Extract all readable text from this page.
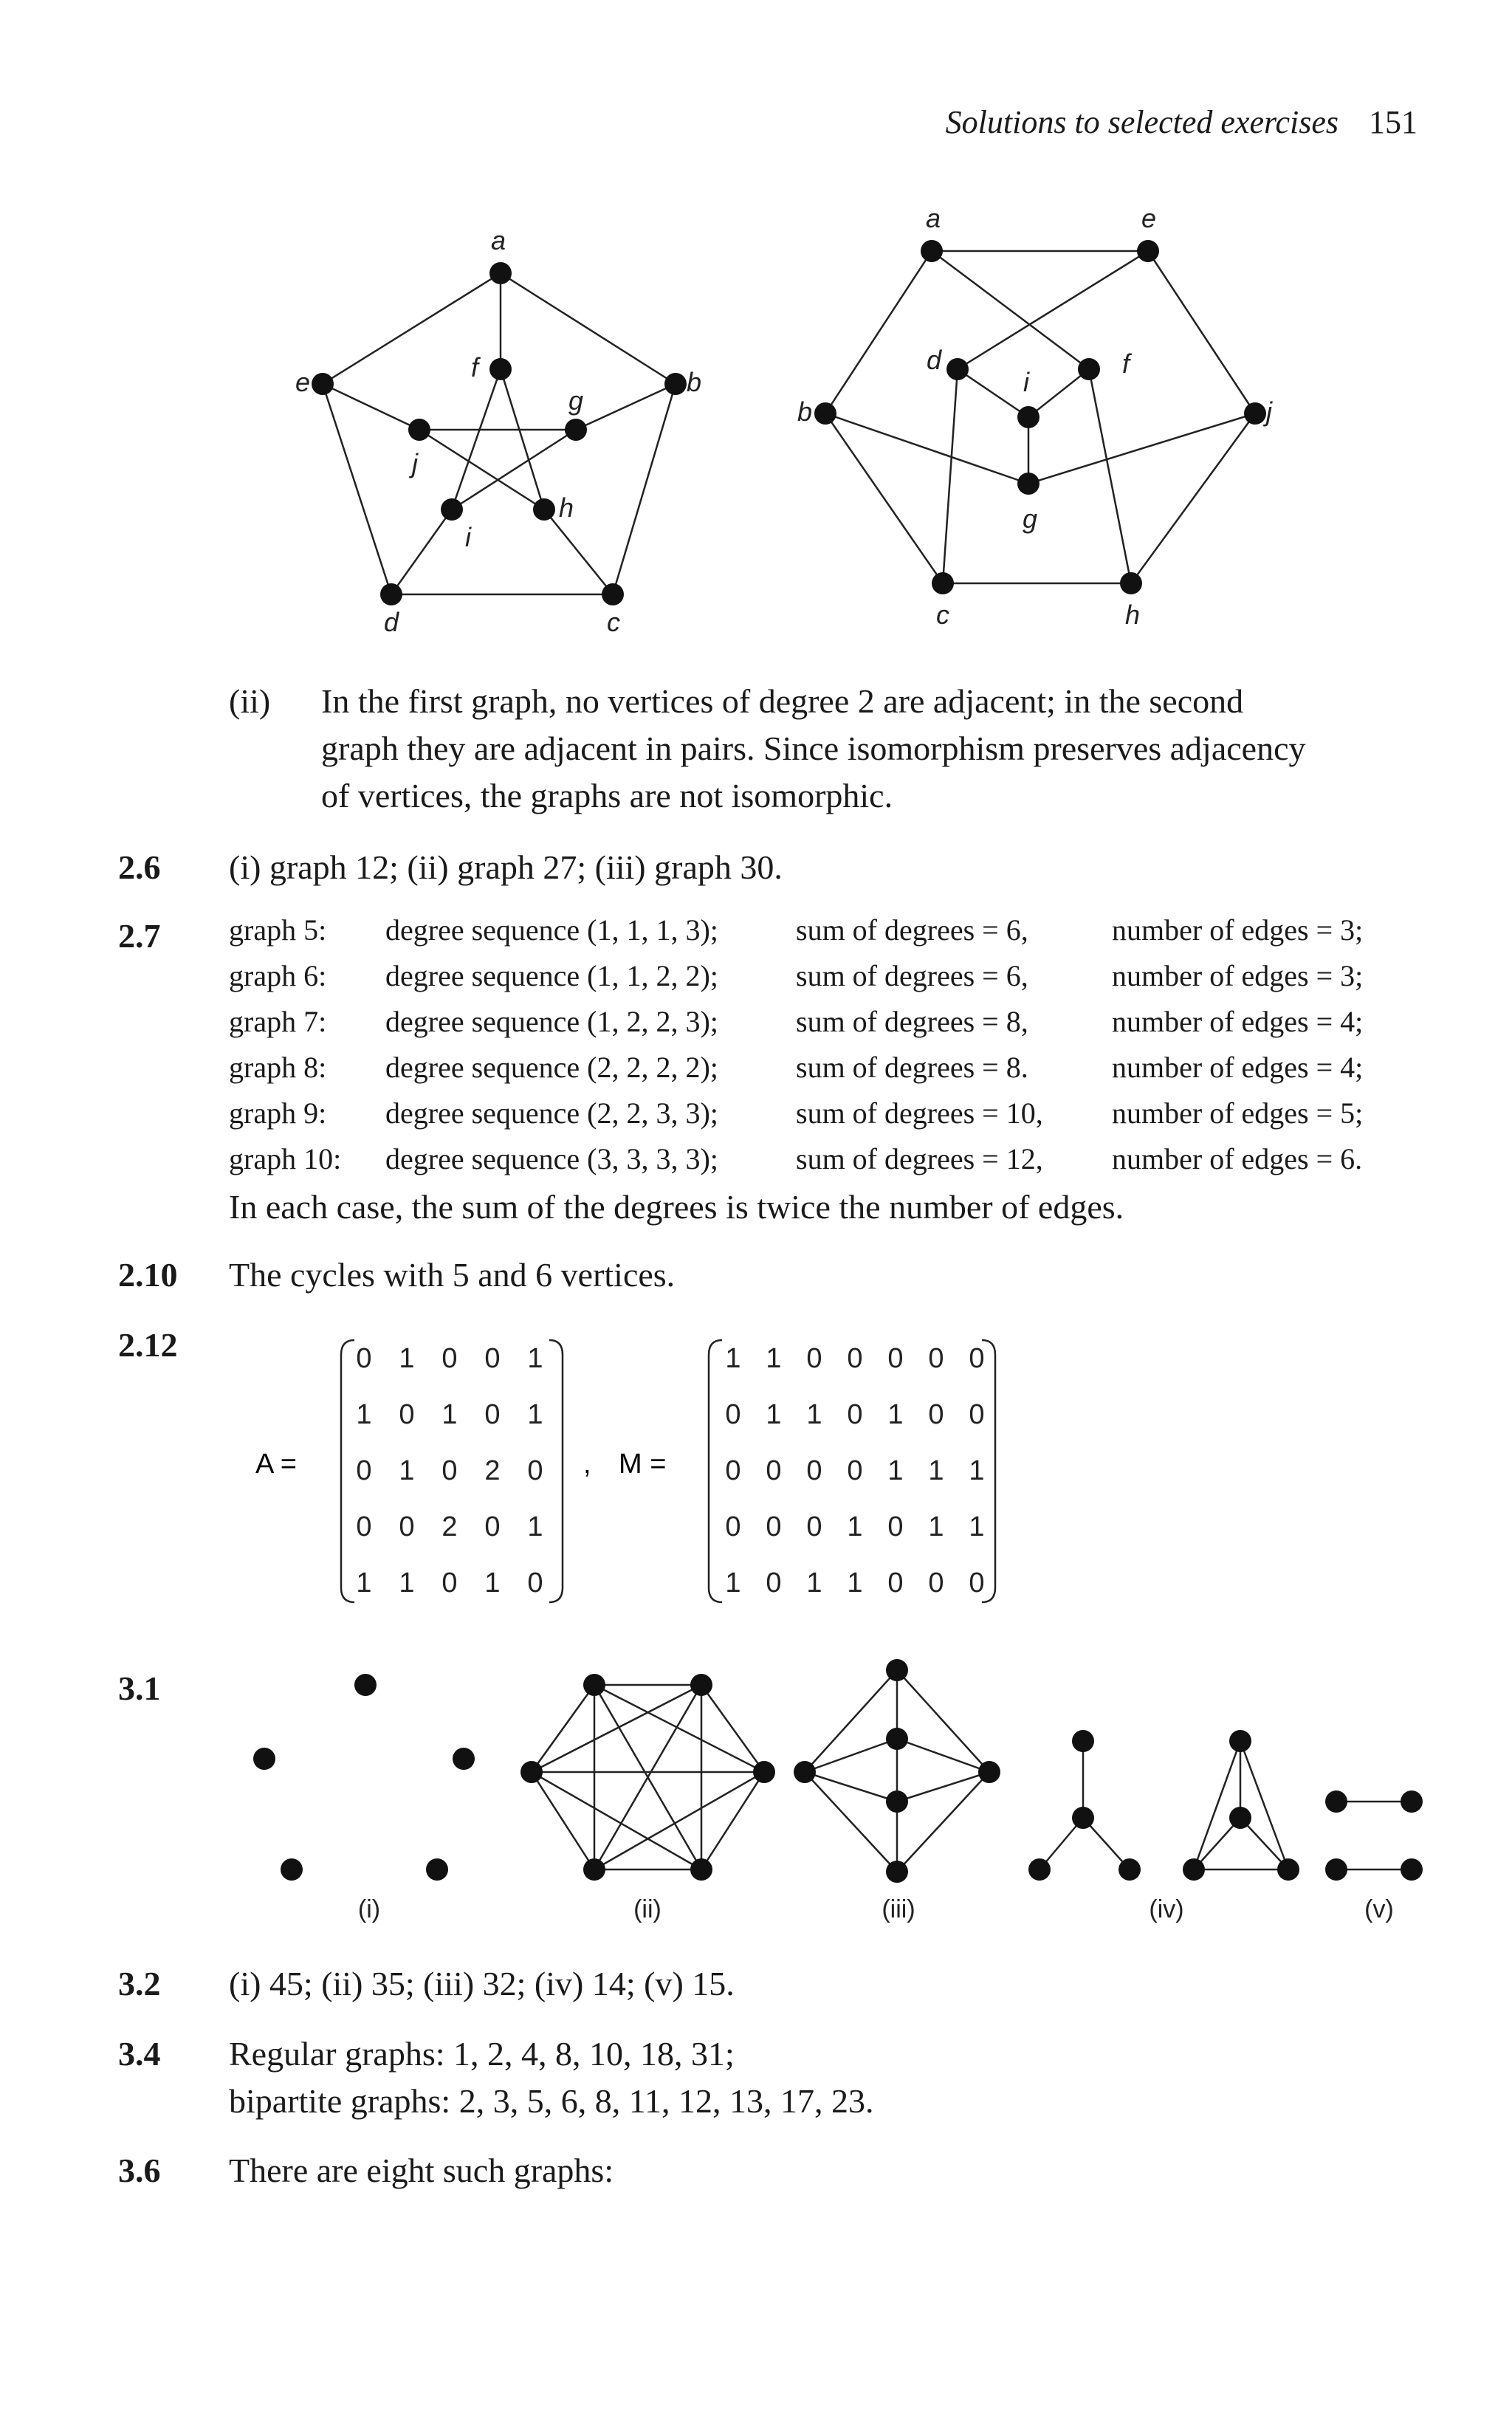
Solutions to selected exercises 151
a
e	b
d	c
f
j
g
i
h
a	e
b	j
c	h
d	f
i
g
(ii) In the first graph, no vertices of degree 2 are adjacent; in the second
graph they are adjacent in pairs. Since isomorphism preserves adjacency
of vertices, the graphs are not isomorphic.
2.6 (i) graph 12; (ii) graph 27; (iii) graph 30.
2.7 graph 5: degree sequence (1, 1, 1, 3);	sum of degrees = 6,	number of edges = 3;
graph 6: degree sequence (1, 1, 2, 2);	sum of degrees = 6,	number of edges = 3;
graph 7: degree sequence (1, 2, 2, 3);	sum of degrees = 8,	number of edges = 4;
graph 8: degree sequence (2, 2, 2, 2);	sum of degrees = 8.	number of edges = 4;
graph 9: degree sequence (2, 2, 3, 3);	sum of degrees = 10, number of edges = 5;
graph 10: degree sequence (3, 3, 3, 3);	sum of degrees = 12, number of edges = 6.
In each case, the sum of the degrees is twice the number of edges.
2.10 The cycles with 5 and 6 vertices.
2.12
A =
0 1 0 0 1
1 0 1 0 1
0 1 0 2 0
0 0 2 0 1
1 1 0 1 0
, M =
1 1 0 0 0 0 0
0 1 1 0 1 0 0
0 0 0 0 1 1 1
0 0 0 1 0 1 1
1 0 1 1 0 0 0
3.1
(i)	(ii)	(iii)	(iv)	(v)
3.2 (i) 45; (ii) 35; (iii) 32; (iv) 14; (v) 15.
3.4 Regular graphs: 1, 2, 4, 8, 10, 18, 31;
bipartite graphs: 2, 3, 5, 6, 8, 11, 12, 13, 17, 23.
3.6 There are eight such graphs:
